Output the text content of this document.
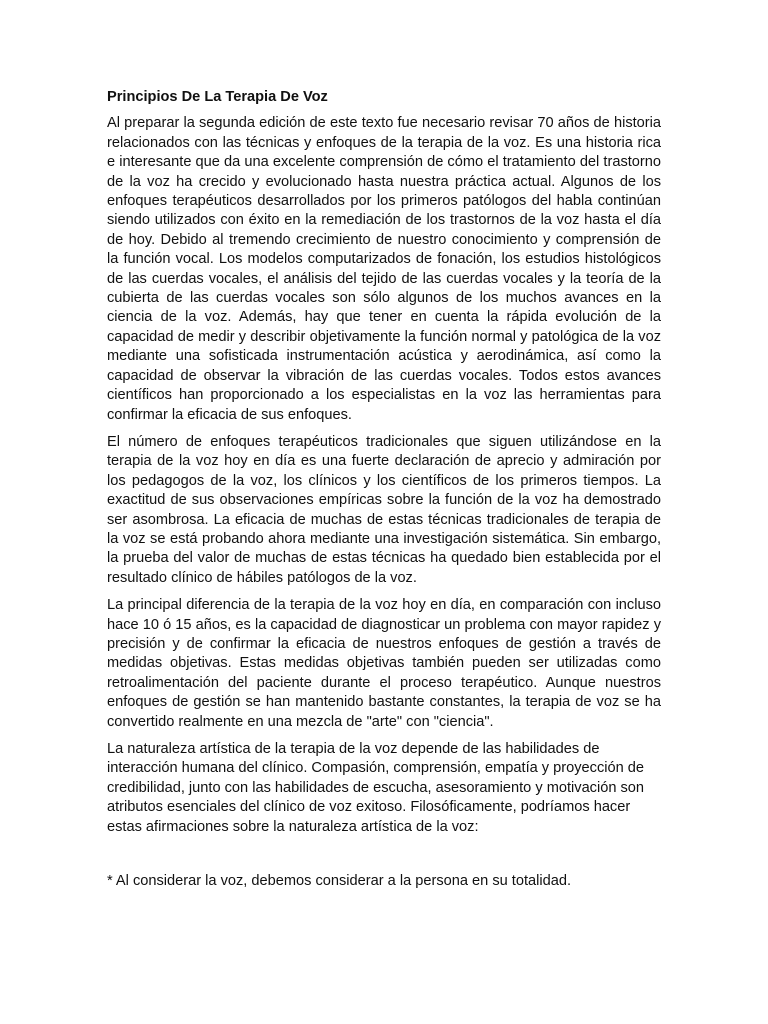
Principios De La Terapia De Voz

Al preparar la segunda edición de este texto fue necesario revisar 70 años de historia relacionados con las técnicas y enfoques de la terapia de la voz. Es una historia rica e interesante que da una excelente comprensión de cómo el tratamiento del trastorno de la voz ha crecido y evolucionado hasta nuestra práctica actual. Algunos de los enfoques terapéuticos desarrollados por los primeros patólogos del habla continúan siendo utilizados con éxito en la remediación de los trastornos de la voz hasta el día de hoy. Debido al tremendo crecimiento de nuestro conocimiento y comprensión de la función vocal. Los modelos computarizados de fonación, los estudios histológicos de las cuerdas vocales, el análisis del tejido de las cuerdas vocales y la teoría de la cubierta de las cuerdas vocales son sólo algunos de los muchos avances en la ciencia de la voz. Además, hay que tener en cuenta la rápida evolución de la capacidad de medir y describir objetivamente la función normal y patológica de la voz mediante una sofisticada instrumentación acústica y aerodinámica, así como la capacidad de observar la vibración de las cuerdas vocales. Todos estos avances científicos han proporcionado a los especialistas en la voz las herramientas para confirmar la eficacia de sus enfoques.

El número de enfoques terapéuticos tradicionales que siguen utilizándose en la terapia de la voz hoy en día es una fuerte declaración de aprecio y admiración por los pedagogos de la voz, los clínicos y los científicos de los primeros tiempos. La exactitud de sus observaciones empíricas sobre la función de la voz ha demostrado ser asombrosa. La eficacia de muchas de estas técnicas tradicionales de terapia de la voz se está probando ahora mediante una investigación sistemática. Sin embargo, la prueba del valor de muchas de estas técnicas ha quedado bien establecida por el resultado clínico de hábiles patólogos de la voz.

La principal diferencia de la terapia de la voz hoy en día, en comparación con incluso hace 10 ó 15 años, es la capacidad de diagnosticar un problema con mayor rapidez y precisión y de confirmar la eficacia de nuestros enfoques de gestión a través de medidas objetivas. Estas medidas objetivas también pueden ser utilizadas como retroalimentación del paciente durante el proceso terapéutico. Aunque nuestros enfoques de gestión se han mantenido bastante constantes, la terapia de voz se ha convertido realmente en una mezcla de "arte" con "ciencia".

La naturaleza artística de la terapia de la voz depende de las habilidades de interacción humana del clínico. Compasión, comprensión, empatía y proyección de credibilidad, junto con las habilidades de escucha, asesoramiento y motivación son atributos esenciales del clínico de voz exitoso. Filosóficamente, podríamos hacer estas afirmaciones sobre la naturaleza artística de la voz:

* Al considerar la voz, debemos considerar a la persona en su totalidad.
